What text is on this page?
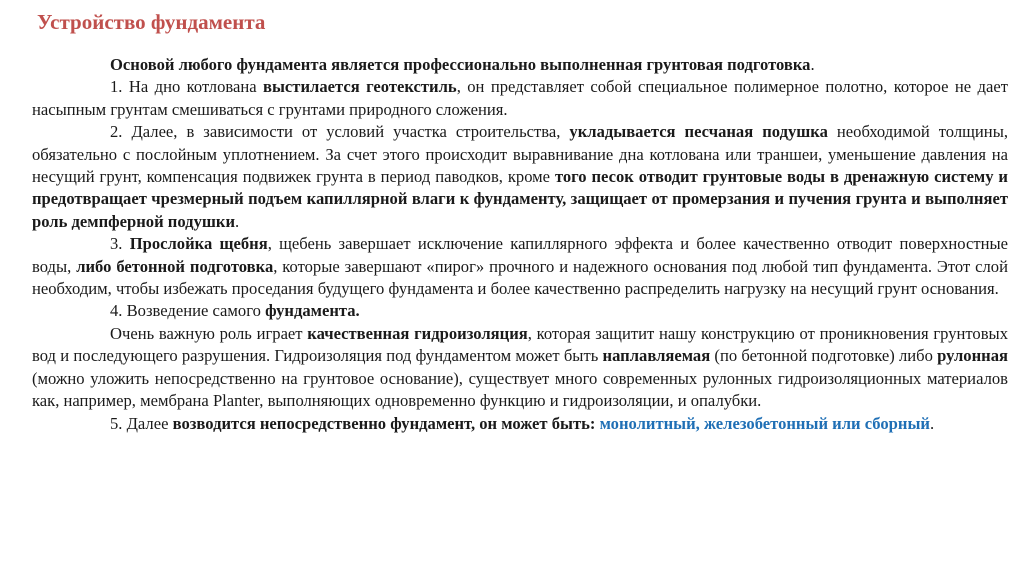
Устройство фундамента

Основой любого фундамента является профессионально выполненная грунтовая подготовка.

1. На дно котлована выстилается геотекстиль, он представляет собой специальное полимерное полотно, которое не дает насыпным грунтам смешиваться с грунтами природного сложения.

2. Далее, в зависимости от условий участка строительства, укладывается песчаная подушка необходимой толщины, обязательно с послойным уплотнением. За счет этого происходит выравнивание дна котлована или траншеи, уменьшение давления на несущий грунт, компенсация подвижек грунта в период паводков, кроме того песок отводит грунтовые воды в дренажную систему и предотвращает чрезмерный подъем капиллярной влаги к фундаменту, защищает от промерзания и пучения грунта и выполняет роль демпферной подушки.

3. Прослойка щебня, щебень завершает исключение капиллярного эффекта и более качественно отводит поверхностные воды, либо бетонной подготовка, которые завершают «пирог» прочного и надежного основания под любой тип фундамента. Этот слой необходим, чтобы избежать проседания будущего фундамента и более качественно распределить нагрузку на несущий грунт основания.

4. Возведение самого фундамента.

Очень важную роль играет качественная гидроизоляция, которая защитит нашу конструкцию от проникновения грунтовых вод и последующего разрушения. Гидроизоляция под фундаментом может быть наплавляемая (по бетонной подготовке) либо рулонная (можно уложить непосредственно на грунтовое основание), существует много современных рулонных гидроизоляционных материалов как, например, мембрана Planter, выполняющих одновременно функцию и гидроизоляции, и опалубки.

5. Далее возводится непосредственно фундамент, он может быть: монолитный, железобетонный или сборный.
